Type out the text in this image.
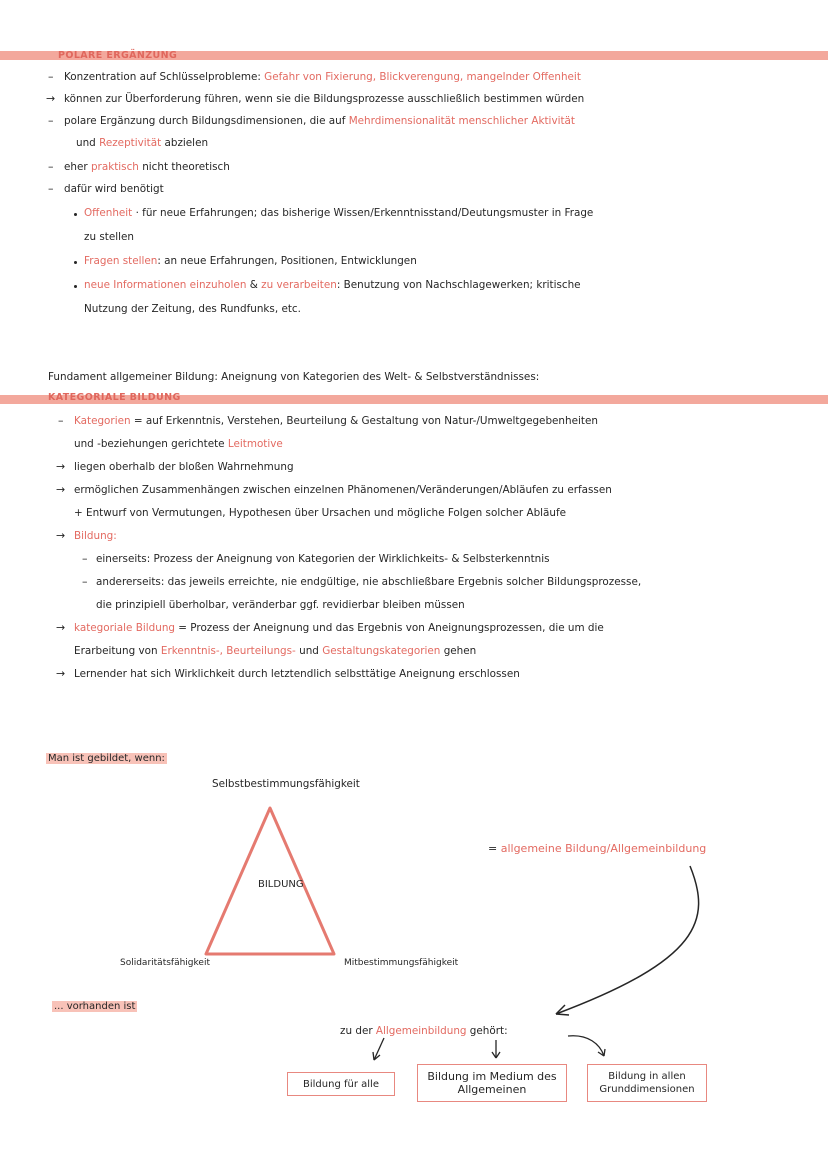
POLARE ERGÄNZUNG
– Konzentration auf Schlüsselprobleme: Gefahr von Fixierung, Blickverengung, mangelnder Offenheit
→ können zur Überforderung führen, wenn sie die Bildungsprozesse ausschließlich bestimmen würden
– polare Ergänzung durch Bildungsdimensionen, die auf Mehrdimensionalität menschlicher Aktivität
und Rezeptivität abzielen
– eher praktisch nicht theoretisch
– dafür wird benötigt
Offenheit · für neue Erfahrungen; das bisherige Wissen/Erkenntnisstand/Deutungsmuster in Frage
zu stellen
Fragen stellen: an neue Erfahrungen, Positionen, Entwicklungen
neue Informationen einzuholen & zu verarbeiten: Benutzung von Nachschlagewerken; kritische
Nutzung der Zeitung, des Rundfunks, etc.
Fundament allgemeiner Bildung: Aneignung von Kategorien des Welt- & Selbstverständnisses:
KATEGORIALE BILDUNG
– Kategorien = auf Erkenntnis, Verstehen, Beurteilung & Gestaltung von Natur-/Umweltgegebenheiten
und -beziehungen gerichtete Leitmotive
→ liegen oberhalb der bloßen Wahrnehmung
→ ermöglichen Zusammenhängen zwischen einzelnen Phänomenen/Veränderungen/Abläufen zu erfassen
+ Entwurf von Vermutungen, Hypothesen über Ursachen und mögliche Folgen solcher Abläufe
→ Bildung:
– einerseits: Prozess der Aneignung von Kategorien der Wirklichkeits- & Selbsterkenntnis
– andererseits: das jeweils erreichte, nie endgültige, nie abschließbare Ergebnis solcher Bildungsprozesse,
die prinzipiell überholbar, veränderbar ggf. revidierbar bleiben müssen
→ kategoriale Bildung = Prozess der Aneignung und das Ergebnis von Aneignungsprozessen, die um die
Erarbeitung von Erkenntnis-, Beurteilungs- und Gestaltungskategorien gehen
→ Lernender hat sich Wirklichkeit durch letztendlich selbsttätige Aneignung erschlossen
Man ist gebildet, wenn:
Selbstbestimmungsfähigkeit
BILDUNG
Solidaritätsfähigkeit	Mitbestimmungsfähigkeit
... vorhanden ist
= allgemeine Bildung/Allgemeinbildung
zu der Allgemeinbildung gehört:
Bildung für alle
Bildung im Medium des Allgemeinen
Bildung in allen Grunddimensionen
